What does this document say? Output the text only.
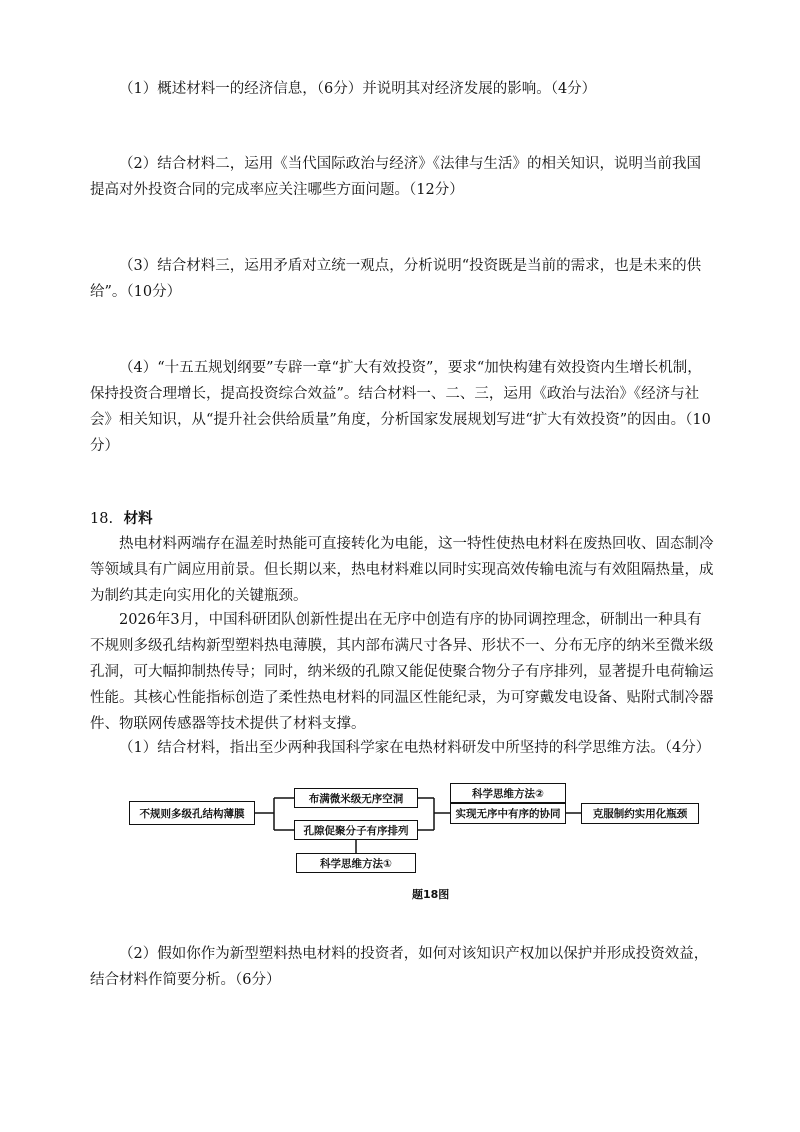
（1）概述材料一的经济信息，（6分）并说明其对经济发展的影响。（4分）

（2）结合材料二，运用《当代国际政治与经济》《法律与生活》的相关知识，说明当前我国提高对外投资合同的完成率应关注哪些方面问题。（12分）

（3）结合材料三，运用矛盾对立统一观点，分析说明“投资既是当前的需求，也是未来的供给”。（10分）

（4）“十五五规划纲要”专辟一章“扩大有效投资”，要求“加快构建有效投资内生增长机制，保持投资合理增长，提高投资综合效益”。结合材料一、二、三，运用《政治与法治》《经济与社会》相关知识，从“提升社会供给质量”角度，分析国家发展规划写进“扩大有效投资”的因由。（10分）

18. 材料

热电材料两端存在温差时热能可直接转化为电能，这一特性使热电材料在废热回收、固态制冷等领域具有广阔应用前景。但长期以来，热电材料难以同时实现高效传输电流与有效阻隔热量，成为制约其走向实用化的关键瓶颈。

2026年3月，中国科研团队创新性提出在无序中创造有序的协同调控理念，研制出一种具有不规则多级孔结构新型塑料热电薄膜，其内部布满尺寸各异、形状不一、分布无序的纳米至微米级孔洞，可大幅抑制热传导；同时，纳米级的孔隙又能促使聚合物分子有序排列，显著提升电荷输运性能。其核心性能指标创造了柔性热电材料的同温区性能纪录，为可穿戴发电设备、贴附式制冷器件、物联网传感器等技术提供了材料支撑。

（1）结合材料，指出至少两种我国科学家在电热材料研发中所坚持的科学思维方法。（4分）

不规则多级孔结构薄膜
布满微米级无序空洞
孔隙促聚分子有序排列
科学思维方法①
科学思维方法②
实现无序中有序的协同	克服制约实用化瓶颈
题18图

（2）假如你作为新型塑料热电材料的投资者，如何对该知识产权加以保护并形成投资效益，结合材料作简要分析。（6分）
